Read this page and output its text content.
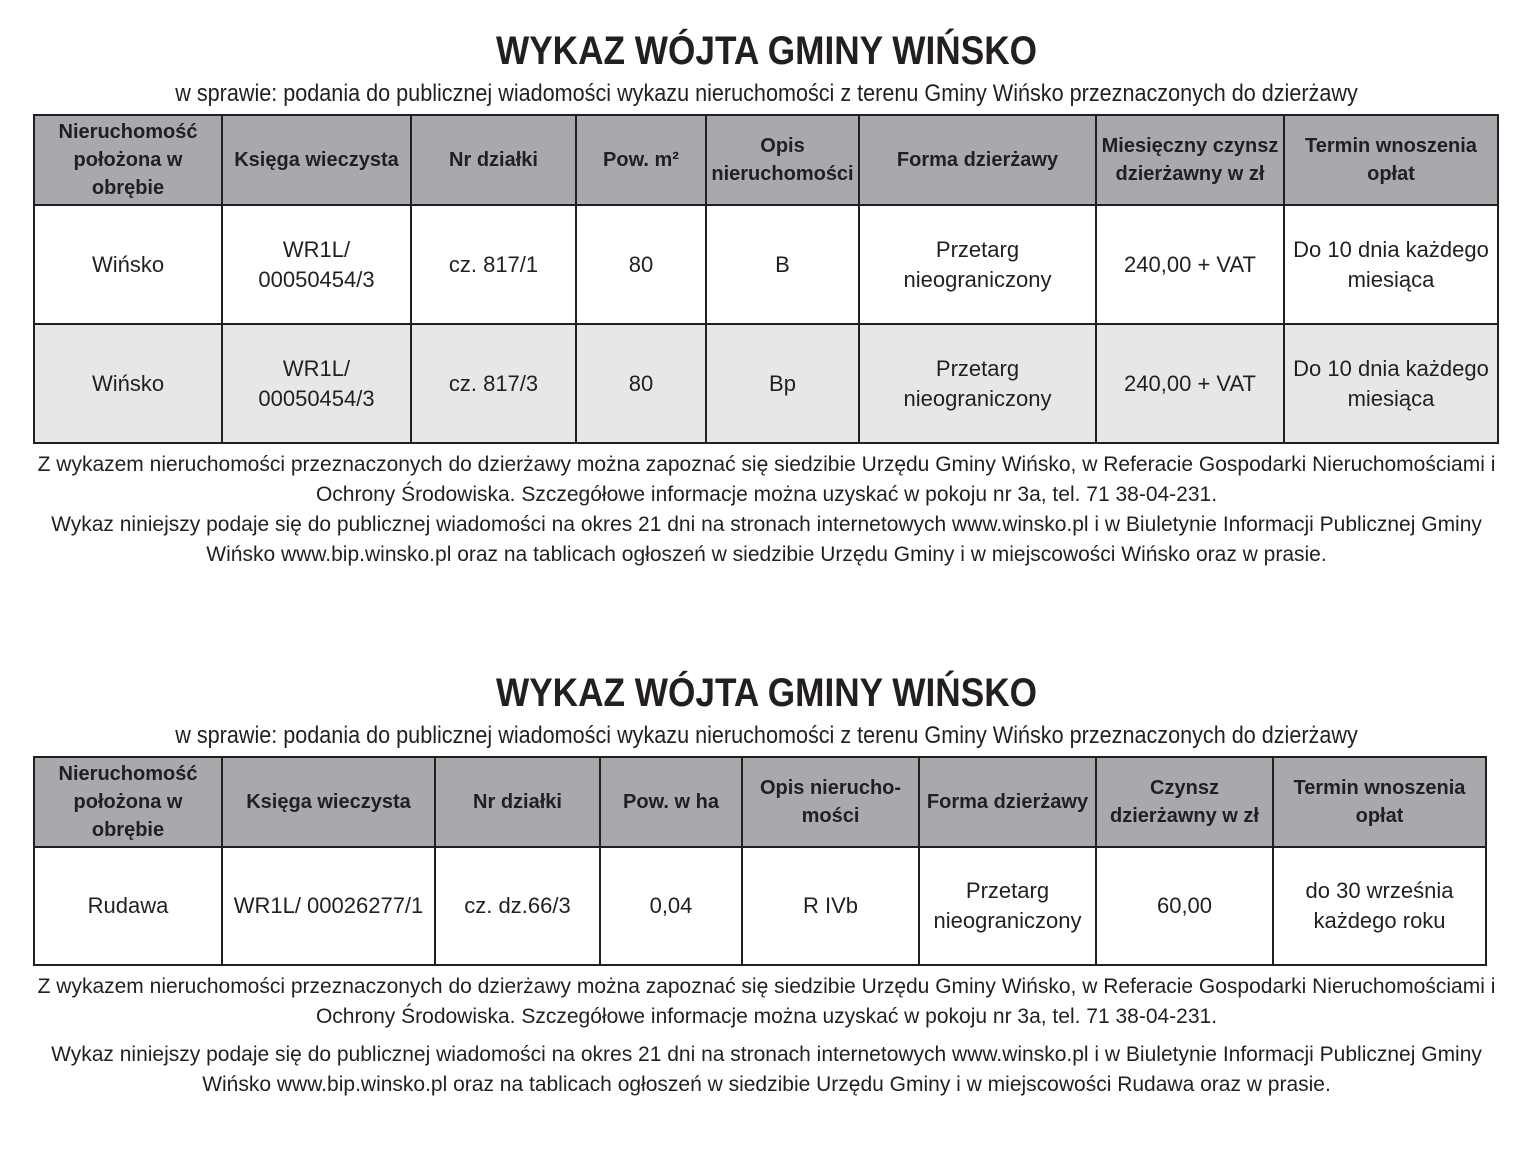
WYKAZ WÓJTA GMINY WIŃSKO
w sprawie: podania do publicznej wiadomości wykazu nieruchomości z terenu Gminy Wińsko przeznaczonych do dzierżawy
Nieruchomość położona w obrębie	Księga wieczysta	Nr działki	Pow. m²	Opis nieruchomości	Forma dzierżawy	Miesięczny czynsz dzierżawny w zł	Termin wnoszenia opłat
Wińsko	WR1L/ 00050454/3	cz. 817/1	80	B	Przetarg nieograniczony	240,00 + VAT	Do 10 dnia każdego miesiąca
Wińsko	WR1L/ 00050454/3	cz. 817/3	80	Bp	Przetarg nieograniczony	240,00 + VAT	Do 10 dnia każdego miesiąca

Z wykazem nieruchomości przeznaczonych do dzierżawy można zapoznać się siedzibie Urzędu Gminy Wińsko, w Referacie Gospodarki Nieruchomościami i Ochrony Środowiska. Szczegółowe informacje można uzyskać w pokoju nr 3a, tel. 71 38-04-231.

Wykaz niniejszy podaje się do publicznej wiadomości na okres 21 dni na stronach internetowych www.winsko.pl i w Biuletynie Informacji Publicznej Gminy Wińsko www.bip.winsko.pl oraz na tablicach ogłoszeń w siedzibie Urzędu Gminy i w miejscowości Wińsko oraz w prasie.

WYKAZ WÓJTA GMINY WIŃSKO
w sprawie: podania do publicznej wiadomości wykazu nieruchomości z terenu Gminy Wińsko przeznaczonych do dzierżawy
Nieruchomość położona w obrębie	Księga wieczysta	Nr działki	Pow. w ha	Opis nierucho- mości	Forma dzierżawy	Czynsz dzierżawny w zł	Termin wnoszenia opłat
Rudawa	WR1L/ 00026277/1	cz. dz.66/3	0,04	R IVb	Przetarg nieograniczony	60,00	do 30 września każdego roku

Z wykazem nieruchomości przeznaczonych do dzierżawy można zapoznać się siedzibie Urzędu Gminy Wińsko, w Referacie Gospodarki Nieruchomościami i Ochrony Środowiska. Szczegółowe informacje można uzyskać w pokoju nr 3a, tel. 71 38-04-231.

Wykaz niniejszy podaje się do publicznej wiadomości na okres 21 dni na stronach internetowych www.winsko.pl i w Biuletynie Informacji Publicznej Gminy Wińsko www.bip.winsko.pl oraz na tablicach ogłoszeń w siedzibie Urzędu Gminy i w miejscowości Rudawa oraz w prasie.
